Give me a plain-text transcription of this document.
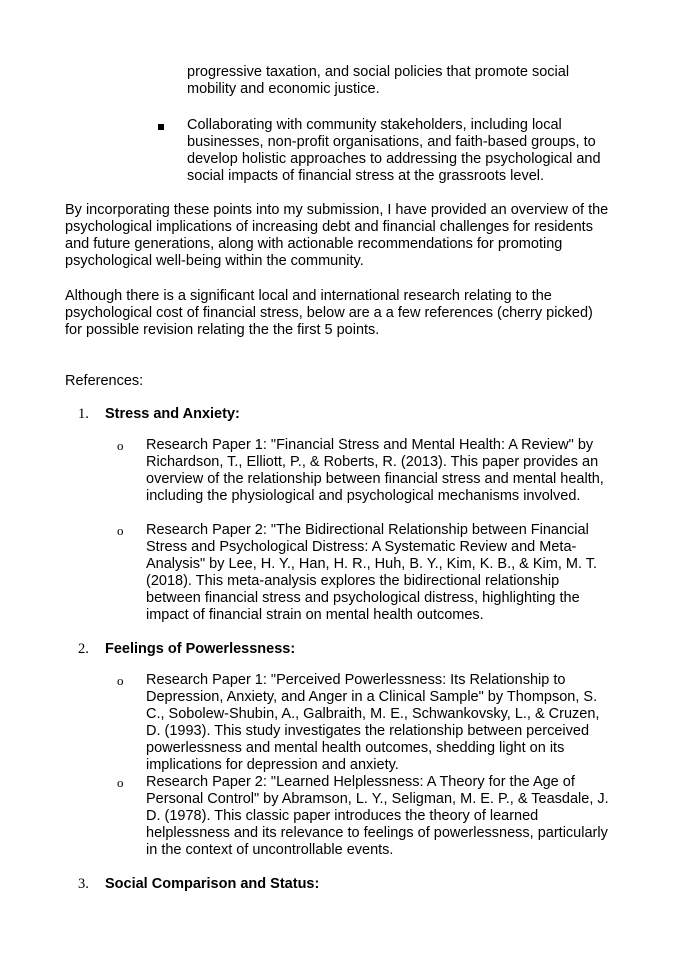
progressive taxation, and social policies that promote social mobility and economic justice.
Collaborating with community stakeholders, including local businesses, non-profit organisations, and faith-based groups, to develop holistic approaches to addressing the psychological and social impacts of financial stress at the grassroots level.
By incorporating these points into my submission, I have provided an overview of the psychological implications of increasing debt and financial challenges for residents and future generations, along with actionable recommendations for promoting psychological well-being within the community.
Although there is a significant local and international research relating to the psychological cost of financial stress, below are a a few references (cherry picked) for possible revision relating the the first 5 points.
References:
1. Stress and Anxiety:
o Research Paper 1: "Financial Stress and Mental Health: A Review" by Richardson, T., Elliott, P., & Roberts, R. (2013). This paper provides an overview of the relationship between financial stress and mental health, including the physiological and psychological mechanisms involved.
o Research Paper 2: "The Bidirectional Relationship between Financial Stress and Psychological Distress: A Systematic Review and Meta-Analysis" by Lee, H. Y., Han, H. R., Huh, B. Y., Kim, K. B., & Kim, M. T. (2018). This meta-analysis explores the bidirectional relationship between financial stress and psychological distress, highlighting the impact of financial strain on mental health outcomes.
2. Feelings of Powerlessness:
o Research Paper 1: "Perceived Powerlessness: Its Relationship to Depression, Anxiety, and Anger in a Clinical Sample" by Thompson, S. C., Sobolew-Shubin, A., Galbraith, M. E., Schwankovsky, L., & Cruzen, D. (1993). This study investigates the relationship between perceived powerlessness and mental health outcomes, shedding light on its implications for depression and anxiety.
o Research Paper 2: "Learned Helplessness: A Theory for the Age of Personal Control" by Abramson, L. Y., Seligman, M. E. P., & Teasdale, J. D. (1978). This classic paper introduces the theory of learned helplessness and its relevance to feelings of powerlessness, particularly in the context of uncontrollable events.
3. Social Comparison and Status:
